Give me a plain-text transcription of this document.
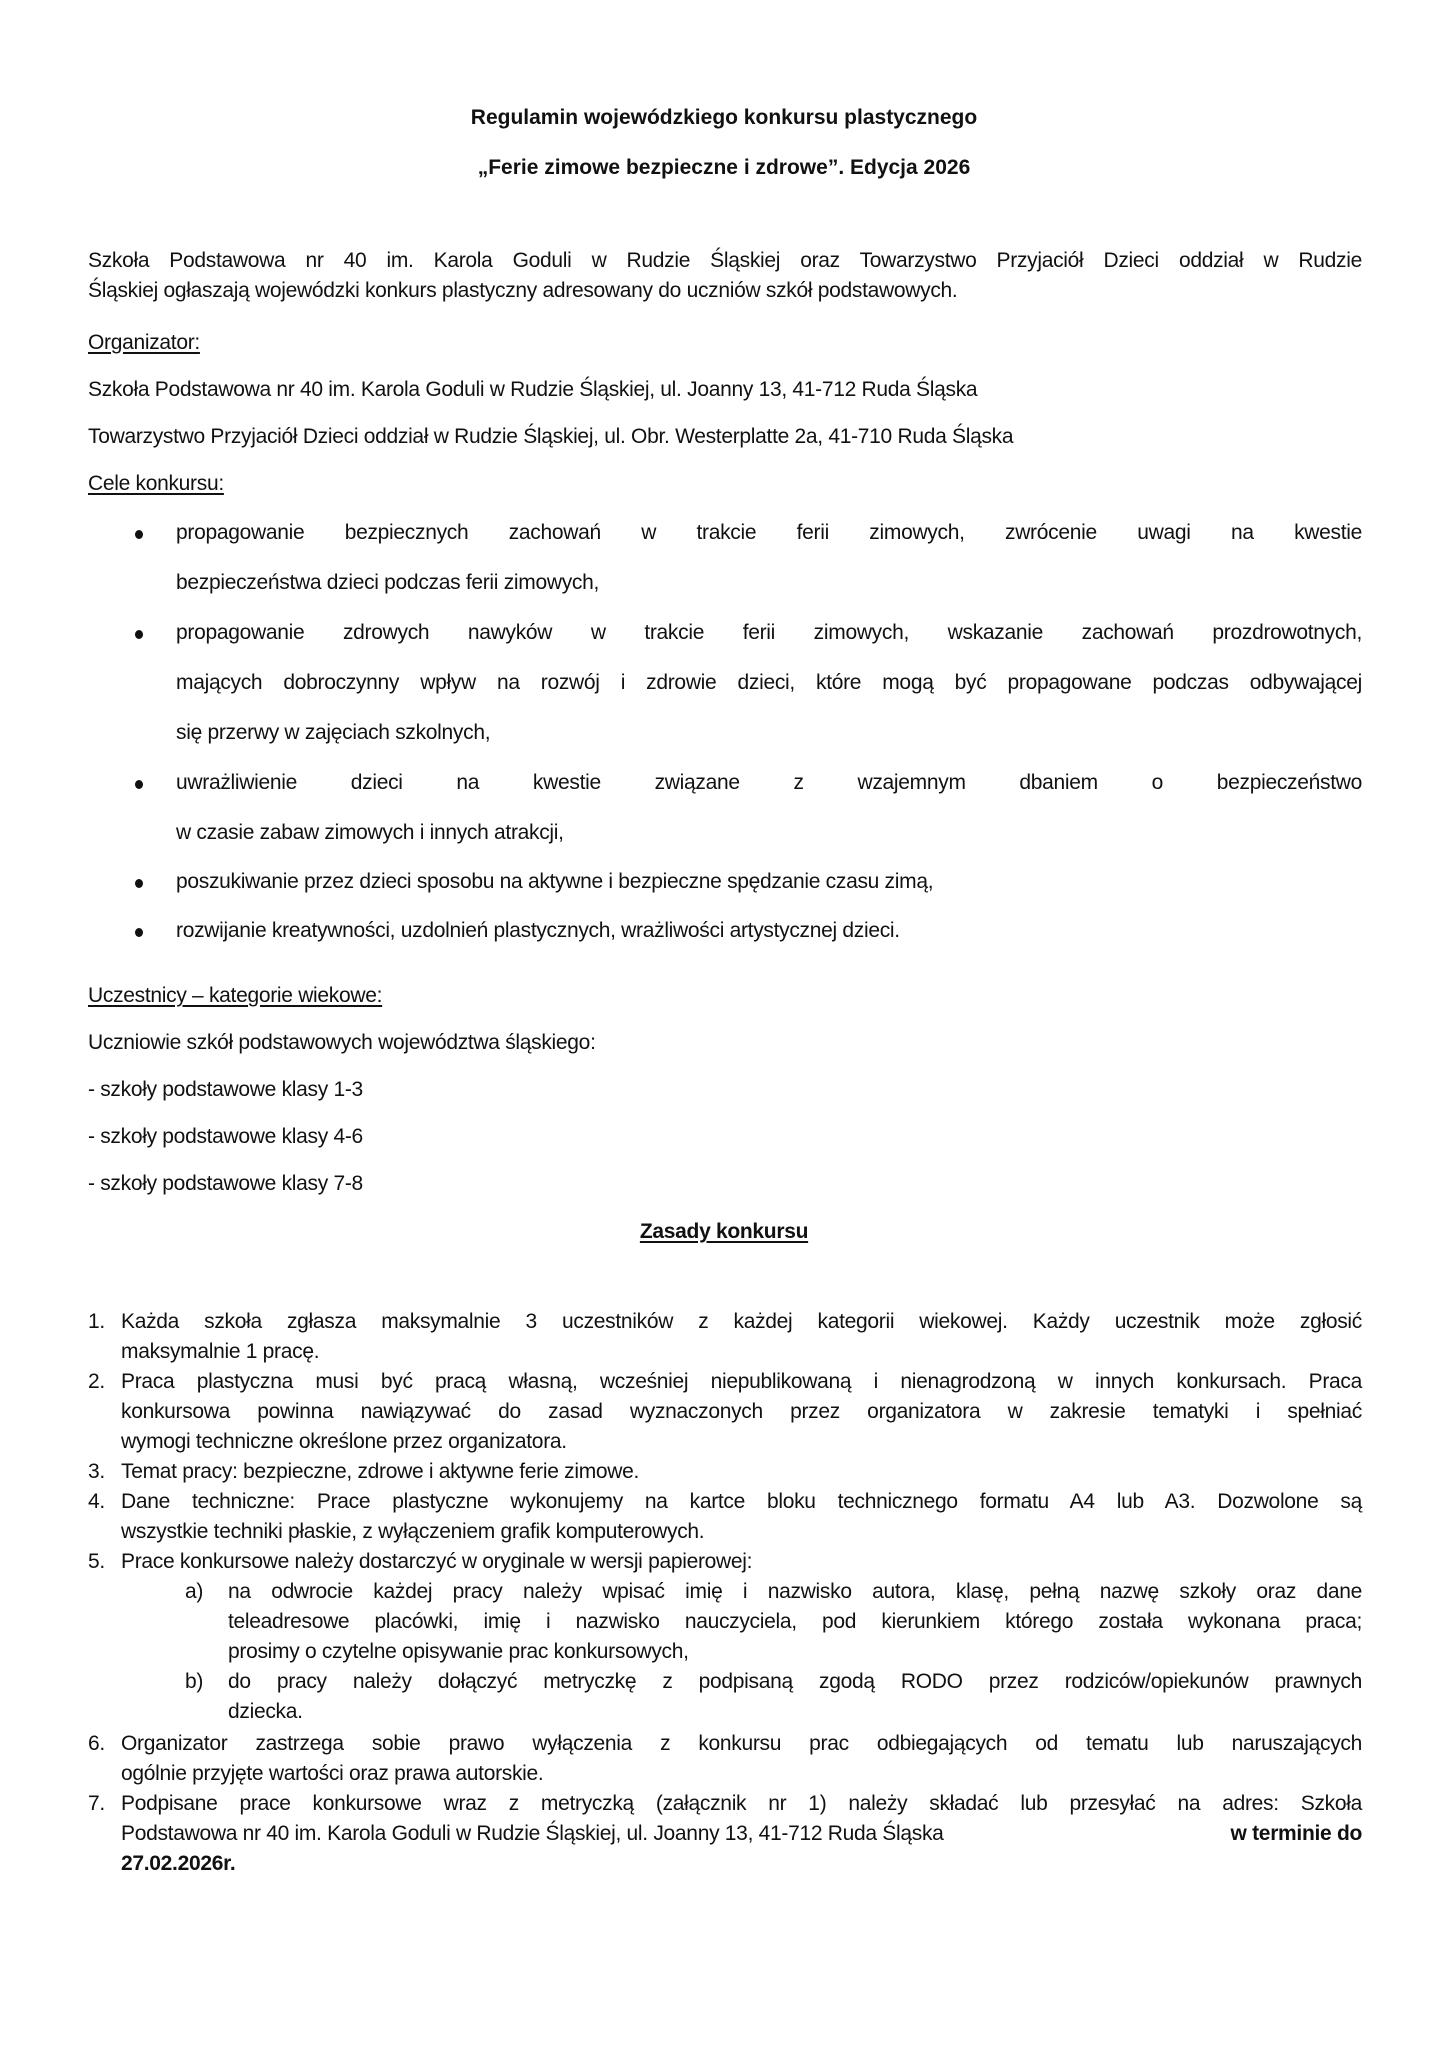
Regulamin wojewódzkiego konkursu plastycznego
„Ferie zimowe bezpieczne i zdrowe”. Edycja 2026
Szkoła Podstawowa nr 40 im. Karola Goduli w Rudzie Śląskiej oraz Towarzystwo Przyjaciół Dzieci oddział w Rudzie
Śląskiej ogłaszają wojewódzki konkurs plastyczny adresowany do uczniów szkół podstawowych.
Organizator:
Szkoła Podstawowa nr 40 im. Karola Goduli w Rudzie Śląskiej, ul. Joanny 13, 41-712 Ruda Śląska
Towarzystwo Przyjaciół Dzieci oddział w Rudzie Śląskiej, ul. Obr. Westerplatte 2a, 41-710 Ruda Śląska
Cele konkursu:
propagowanie bezpiecznych zachowań w trakcie ferii zimowych, zwrócenie uwagi na kwestie
bezpieczeństwa dzieci podczas ferii zimowych,
propagowanie zdrowych nawyków w trakcie ferii zimowych, wskazanie zachowań prozdrowotnych,
mających dobroczynny wpływ na rozwój i zdrowie dzieci, które mogą być propagowane podczas odbywającej
się przerwy w zajęciach szkolnych,
uwrażliwienie dzieci na kwestie związane z wzajemnym dbaniem o bezpieczeństwo
w czasie zabaw zimowych i innych atrakcji,
poszukiwanie przez dzieci sposobu na aktywne i bezpieczne spędzanie czasu zimą,
rozwijanie kreatywności, uzdolnień plastycznych, wrażliwości artystycznej dzieci.
Uczestnicy – kategorie wiekowe:
Uczniowie szkół podstawowych województwa śląskiego:
- szkoły podstawowe klasy 1-3
- szkoły podstawowe klasy 4-6
- szkoły podstawowe klasy 7-8
Zasady konkursu
1. Każda szkoła zgłasza maksymalnie 3 uczestników z każdej kategorii wiekowej. Każdy uczestnik może zgłosić
maksymalnie 1 pracę.
2. Praca plastyczna musi być pracą własną, wcześniej niepublikowaną i nienagrodzoną w innych konkursach. Praca
konkursowa powinna nawiązywać do zasad wyznaczonych przez organizatora w zakresie tematyki i spełniać
wymogi techniczne określone przez organizatora.
3. Temat pracy: bezpieczne, zdrowe i aktywne ferie zimowe.
4. Dane techniczne: Prace plastyczne wykonujemy na kartce bloku technicznego formatu A4 lub A3. Dozwolone są
wszystkie techniki płaskie, z wyłączeniem grafik komputerowych.
5. Prace konkursowe należy dostarczyć w oryginale w wersji papierowej:
a) na odwrocie każdej pracy należy wpisać imię i nazwisko autora, klasę, pełną nazwę szkoły oraz dane
teleadresowe placówki, imię i nazwisko nauczyciela, pod kierunkiem którego została wykonana praca;
prosimy o czytelne opisywanie prac konkursowych,
b) do pracy należy dołączyć metryczkę z podpisaną zgodą RODO przez rodziców/opiekunów prawnych
dziecka.
6. Organizator zastrzega sobie prawo wyłączenia z konkursu prac odbiegających od tematu lub naruszających
ogólnie przyjęte wartości oraz prawa autorskie.
7. Podpisane prace konkursowe wraz z metryczką (załącznik nr 1) należy składać lub przesyłać na adres: Szkoła
Podstawowa nr 40 im. Karola Goduli w Rudzie Śląskiej, ul. Joanny 13, 41-712 Ruda Śląska	w terminie do
27.02.2026r.
